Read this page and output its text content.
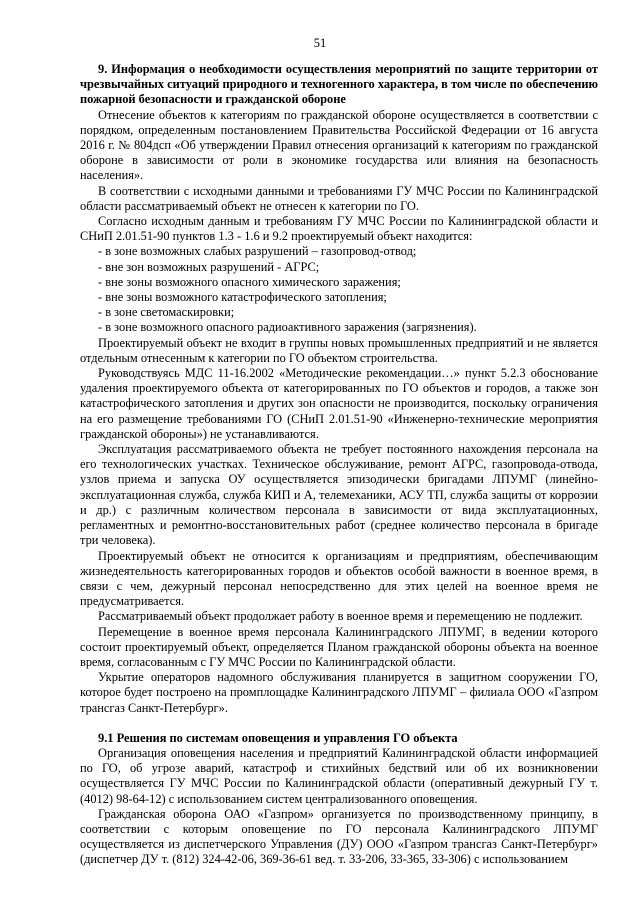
51

9. Информация о необходимости осуществления мероприятий по защите территории от чрезвычайных ситуаций природного и техногенного характера, в том числе по обеспечению пожарной безопасности и гражданской обороне

Отнесение объектов к категориям по гражданской обороне осуществляется в соответствии с порядком, определенным постановлением Правительства Российской Федерации от 16 августа 2016 г. № 804дсп «Об утверждении Правил отнесения организаций к категориям по гражданской обороне в зависимости от роли в экономике государства или влияния на безопасность населения».

В соответствии с исходными данными и требованиями ГУ МЧС России по Калининградской области рассматриваемый объект не отнесен к категории по ГО.

Согласно исходным данным и требованиям ГУ МЧС России по Калининградской области и СНиП 2.01.51-90 пунктов 1.3 - 1.6 и 9.2 проектируемый объект находится:

- в зоне возможных слабых разрушений – газопровод-отвод;

- вне зон возможных разрушений - АГРС;

- вне зоны возможного опасного химического заражения;

- вне зоны возможного катастрофического затопления;

- в зоне светомаскировки;

- в зоне возможного опасного радиоактивного заражения (загрязнения).

Проектируемый объект не входит в группы новых промышленных предприятий и не является отдельным отнесенным к категории по ГО объектом строительства.

Руководствуясь МДС 11-16.2002 «Методические рекомендации…» пункт 5.2.3 обоснование удаления проектируемого объекта от категорированных по ГО объектов и городов, а также зон катастрофического затопления и других зон опасности не производится, поскольку ограничения на его размещение требованиями ГО (СНиП 2.01.51-90 «Инженерно-технические мероприятия гражданской обороны») не устанавливаются.

Эксплуатация рассматриваемого объекта не требует постоянного нахождения персонала на его технологических участках. Техническое обслуживание, ремонт АГРС, газопровода-отвода, узлов приема и запуска ОУ осуществляется эпизодически бригадами ЛПУМГ (линейно-эксплуатационная служба, служба КИП и А, телемеханики, АСУ ТП, служба защиты от коррозии и др.) с различным количеством персонала в зависимости от вида эксплуатационных, регламентных и ремонтно-восстановительных работ (среднее количество персонала в бригаде три человека).

Проектируемый объект не относится к организациям и предприятиям, обеспечивающим жизнедеятельность категорированных городов и объектов особой важности в военное время, в связи с чем, дежурный персонал непосредственно для этих целей на военное время не предусматривается.

Рассматриваемый объект продолжает работу в военное время и перемещению не подлежит.

Перемещение в военное время персонала Калининградского ЛПУМГ, в ведении которого состоит проектируемый объект, определяется Планом гражданской обороны объекта на военное время, согласованным с ГУ МЧС России по Калининградской области.

Укрытие операторов надомного обслуживания планируется в защитном сооружении ГО, которое будет построено на промплощадке Калининградского ЛПУМГ – филиала ООО «Газпром трансгаз Санкт-Петербург».

9.1 Решения по системам оповещения и управления ГО объекта

Организация оповещения населения и предприятий Калининградской области информацией по ГО, об угрозе аварий, катастроф и стихийных бедствий или об их возникновении осуществляется ГУ МЧС России по Калининградской области (оперативный дежурный ГУ т. (4012) 98-64-12) с использованием систем централизованного оповещения.

Гражданская оборона ОАО «Газпром» организуется по производственному принципу, в соответствии с которым оповещение по ГО персонала Калининградского ЛПУМГ осуществляется из диспетчерского Управления (ДУ) ООО «Газпром трансгаз Санкт-Петербург» (диспетчер ДУ т. (812) 324-42-06, 369-36-61 вед. т. 33-206, 33-365, 33-306) с использованием
